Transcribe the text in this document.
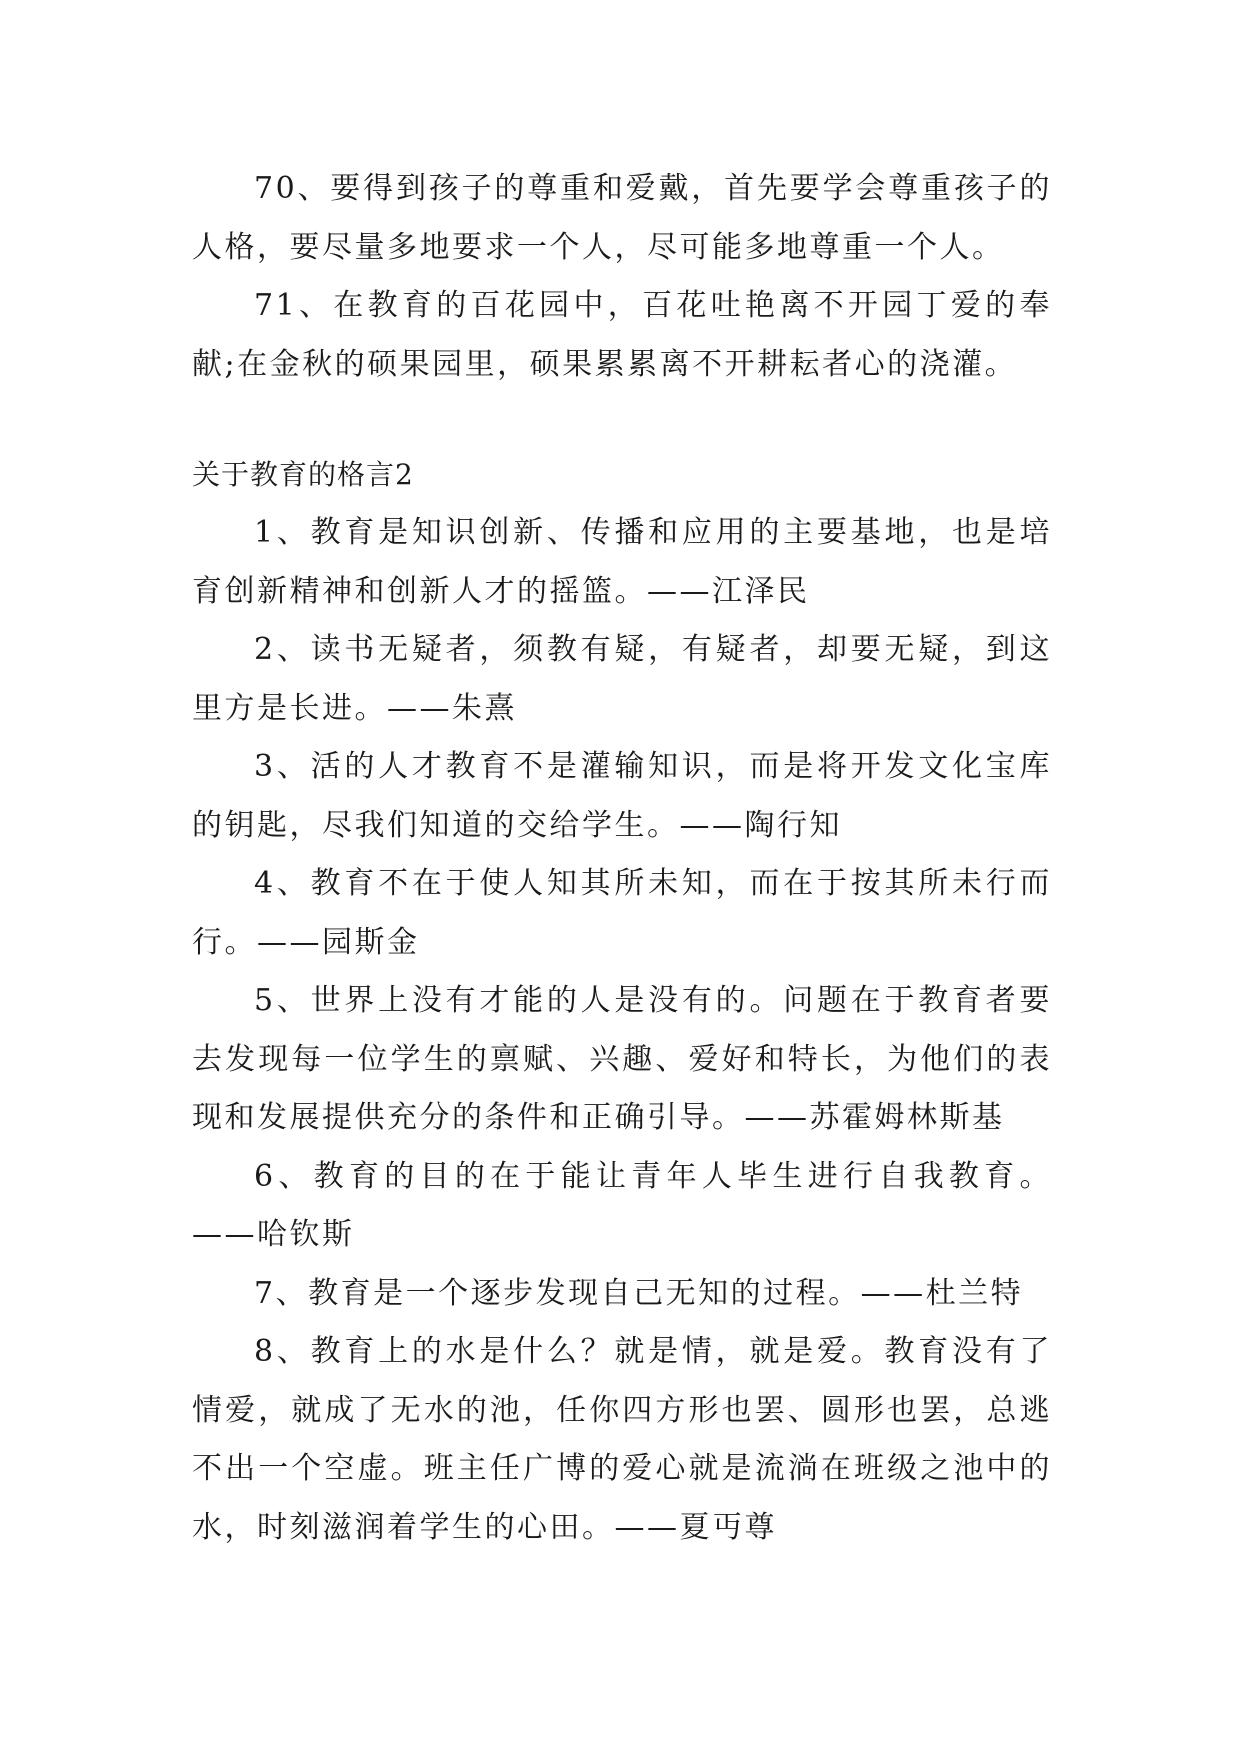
70、要得到孩子的尊重和爱戴，首先要学会尊重孩子的人格，要尽量多地要求一个人，尽可能多地尊重一个人。

71、在教育的百花园中，百花吐艳离不开园丁爱的奉献;在金秋的硕果园里，硕果累累离不开耕耘者心的浇灌。

关于教育的格言2

1、教育是知识创新、传播和应用的主要基地，也是培育创新精神和创新人才的摇篮。——江泽民

2、读书无疑者，须教有疑，有疑者，却要无疑，到这里方是长进。——朱熹

3、活的人才教育不是灌输知识，而是将开发文化宝库的钥匙，尽我们知道的交给学生。——陶行知

4、教育不在于使人知其所未知，而在于按其所未行而行。——园斯金

5、世界上没有才能的人是没有的。问题在于教育者要去发现每一位学生的禀赋、兴趣、爱好和特长，为他们的表现和发展提供充分的条件和正确引导。——苏霍姆林斯基

6、教育的目的在于能让青年人毕生进行自我教育。——哈钦斯

7、教育是一个逐步发现自己无知的过程。——杜兰特

8、教育上的水是什么？就是情，就是爱。教育没有了情爱，就成了无水的池，任你四方形也罢、圆形也罢，总逃不出一个空虚。班主任广博的爱心就是流淌在班级之池中的水，时刻滋润着学生的心田。——夏丏尊
